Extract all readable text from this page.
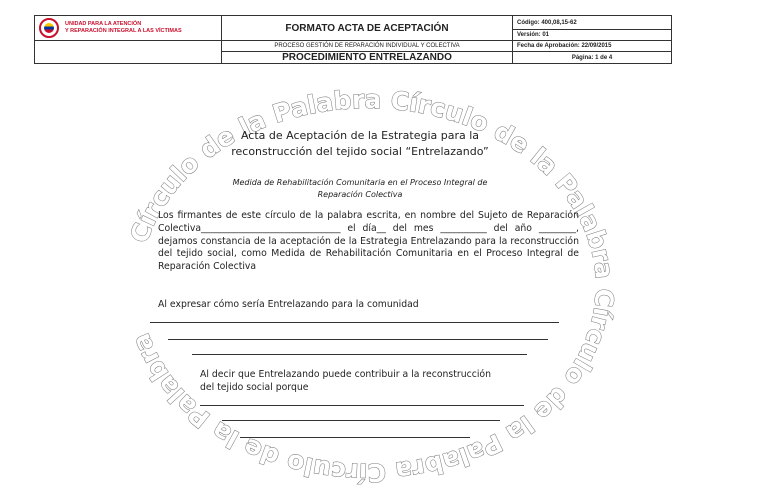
UNIDAD PARA LA ATENCIÓN
Y REPARACIÓN INTEGRAL A LAS VÍCTIMAS	FORMATO ACTA DE ACEPTACIÓN	Código: 400,08,15-62
		Versión: 01
	PROCESO GESTIÓN DE REPARACIÓN INDIVIDUAL Y COLECTIVA	Fecha de Aprobación: 22/09/2015
	PROCEDIMIENTO ENTRELAZANDO	Página: 1 de 4
Círculo de la Palabra Círculo de la Palabra Círculo de la Palabra Círculo de la Palabra
Acta de Aceptación de la Estrategia para la
reconstrucción del tejido social “Entrelazando”
Medida de Rehabilitación Comunitaria en el Proceso Integral de
Reparación Colectiva
Los firmantes de este círculo de la palabra escrita, en nombre del Sujeto de Reparación Colectiva______________________________ el día__ del mes __________ del año ________, dejamos constancia de la aceptación de la Estrategia Entrelazando para la reconstrucción del tejido social, como Medida de Rehabilitación Comunitaria en el Proceso Integral de Reparación Colectiva
Al expresar cómo sería Entrelazando para la comunidad
Al decir que Entrelazando puede contribuir a la reconstrucción
del tejido social porque
